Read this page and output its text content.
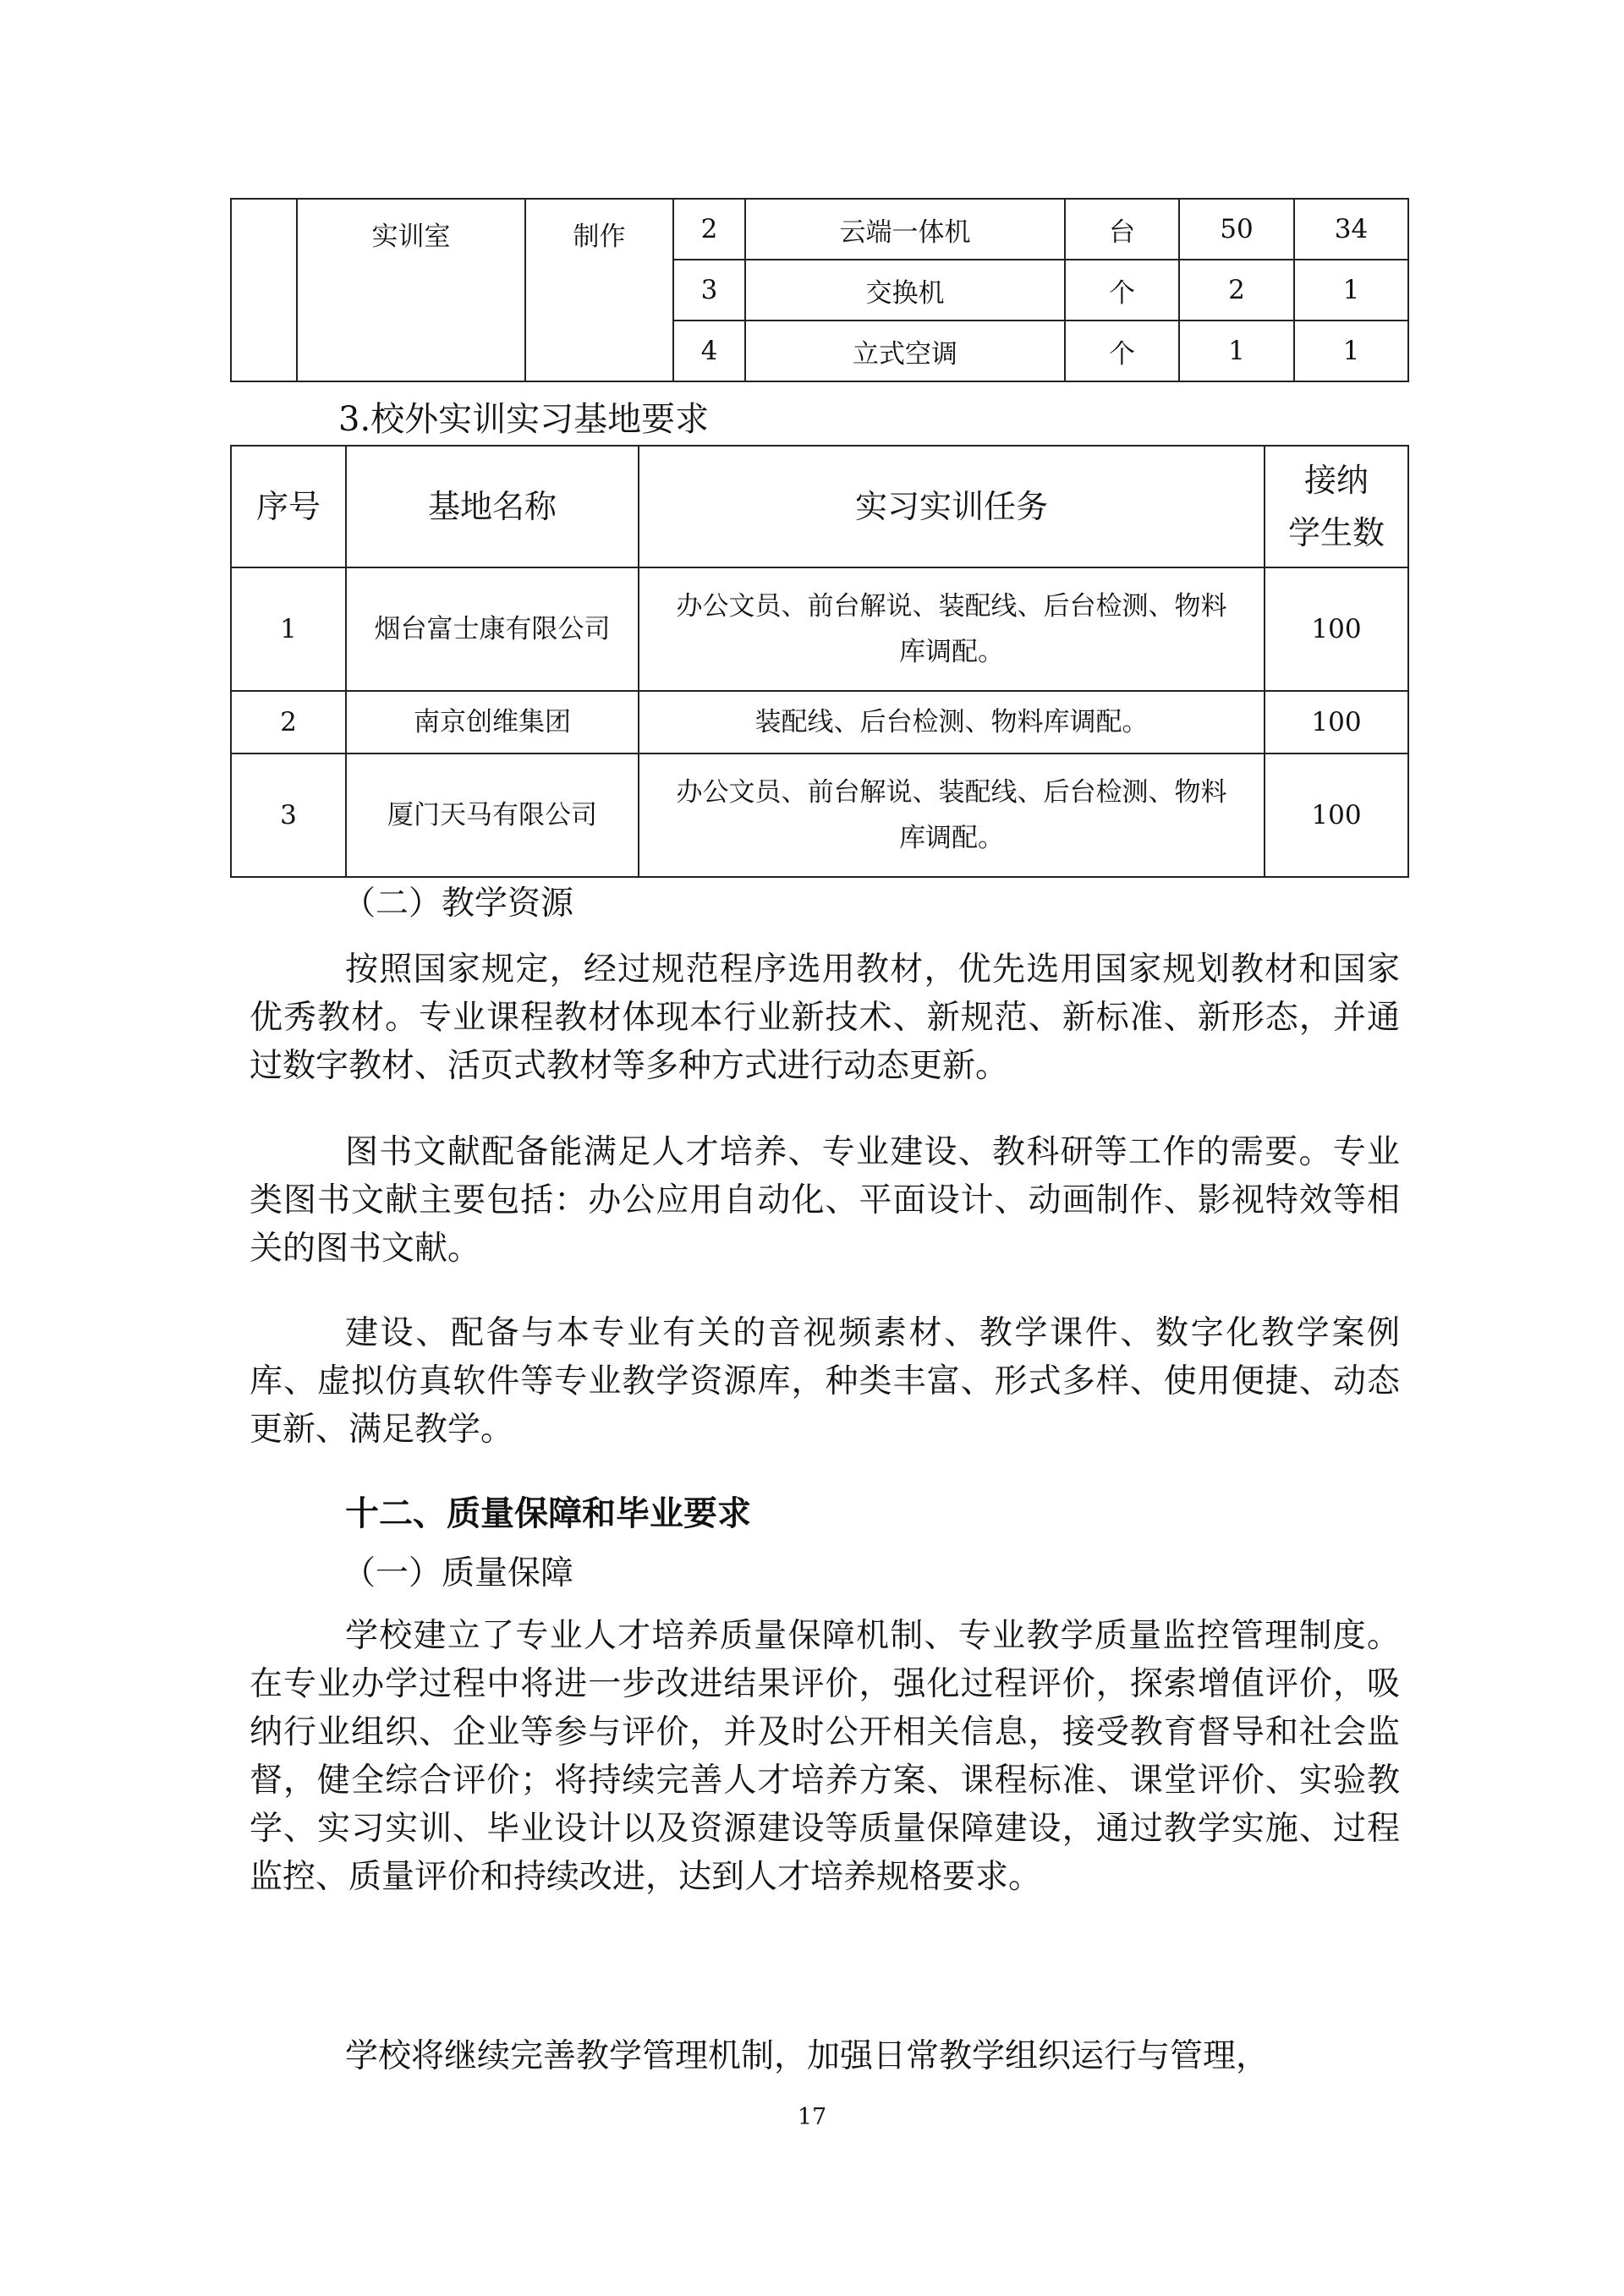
	实训室	制作	2	云端一体机	台	50	34
			3	交换机	个	2	1
			4	立式空调	个	1	1
3.校外实训实习基地要求
序号	基地名称	实习实训任务	接纳
学生数

1	烟台富士康有限公司	办公文员、前台解说、装配线、后台检测、物料
库调配。	100
2	南京创维集团	装配线、后台检测、物料库调配。	100
3	厦门天马有限公司	办公文员、前台解说、装配线、后台检测、物料
库调配。	100
（二）教学资源

按照国家规定，经过规范程序选用教材，优先选用国家规划教材和国家优秀教材。专业课程教材体现本行业新技术、新规范、新标准、新形态，并通过数字教材、活页式教材等多种方式进行动态更新。

图书文献配备能满足人才培养、专业建设、教科研等工作的需要。专业类图书文献主要包括：办公应用自动化、平面设计、动画制作、影视特效等相关的图书文献。

建设、配备与本专业有关的音视频素材、教学课件、数字化教学案例库、虚拟仿真软件等专业教学资源库，种类丰富、形式多样、使用便捷、动态更新、满足教学。

十二、质量保障和毕业要求
（一）质量保障

学校建立了专业人才培养质量保障机制、专业教学质量监控管理制度。在专业办学过程中将进一步改进结果评价，强化过程评价，探索增值评价，吸纳行业组织、企业等参与评价，并及时公开相关信息，接受教育督导和社会监督，健全综合评价；将持续完善人才培养方案、课程标准、课堂评价、实验教学、实习实训、毕业设计以及资源建设等质量保障建设，通过教学实施、过程监控、质量评价和持续改进，达到人才培养规格要求。

学校将继续完善教学管理机制，加强日常教学组织运行与管理，

17
